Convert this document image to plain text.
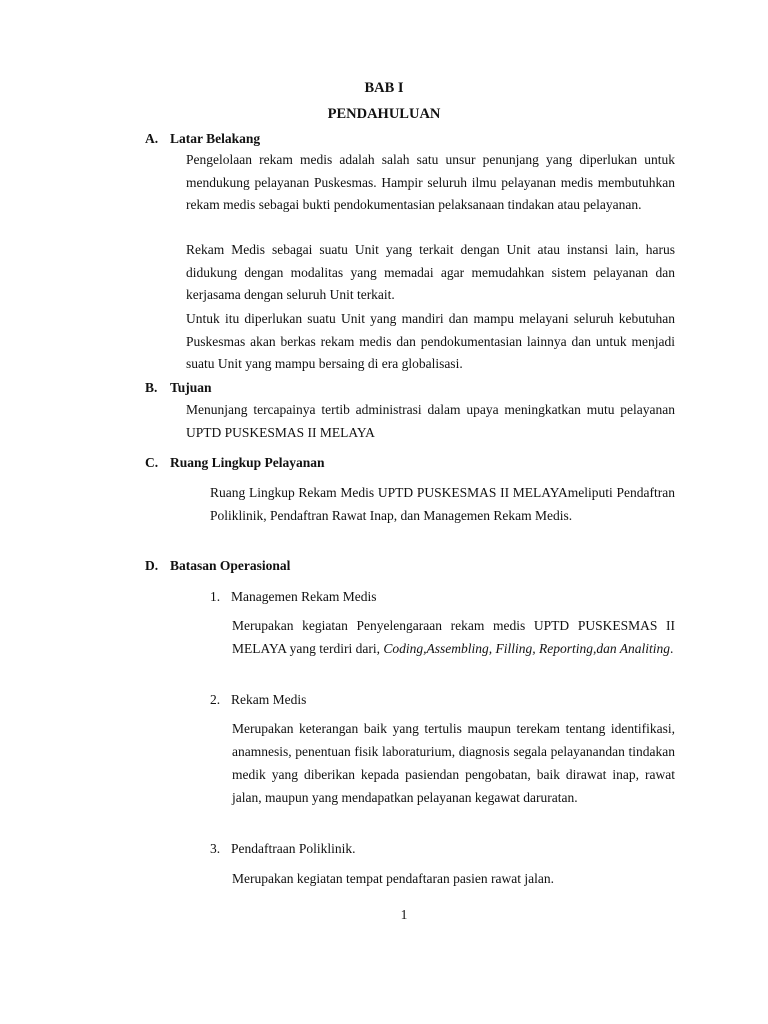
BAB I
PENDAHULUAN
A. Latar Belakang

Pengelolaan rekam medis adalah salah satu unsur penunjang yang diperlukan untuk mendukung pelayanan Puskesmas. Hampir seluruh ilmu pelayanan medis membutuhkan rekam medis sebagai bukti pendokumentasian pelaksanaan tindakan atau pelayanan.

Rekam Medis sebagai suatu Unit yang terkait dengan Unit atau instansi lain, harus didukung dengan modalitas yang memadai agar memudahkan sistem pelayanan dan kerjasama dengan seluruh Unit terkait.

Untuk itu diperlukan suatu Unit yang mandiri dan mampu melayani seluruh kebutuhan Puskesmas akan berkas rekam medis dan pendokumentasian lainnya dan untuk menjadi suatu Unit yang mampu bersaing di era globalisasi.

B. Tujuan

Menunjang tercapainya tertib administrasi dalam upaya meningkatkan mutu pelayanan UPTD PUSKESMAS II MELAYA

C. Ruang Lingkup Pelayanan

Ruang Lingkup Rekam Medis UPTD PUSKESMAS II MELAYAmeliputi Pendaftran Poliklinik, Pendaftran Rawat Inap, dan Managemen Rekam Medis.

D. Batasan Operasional
1. Managemen Rekam Medis

Merupakan kegiatan Penyelengaraan rekam medis UPTD PUSKESMAS II MELAYA yang terdiri dari, Coding,Assembling, Filling, Reporting,dan Analiting.

2. Rekam Medis

Merupakan keterangan baik yang tertulis maupun terekam tentang identifikasi, anamnesis, penentuan fisik laboraturium, diagnosis segala pelayanandan tindakan medik yang diberikan kepada pasiendan pengobatan, baik dirawat inap, rawat jalan, maupun yang mendapatkan pelayanan kegawat daruratan.

3. Pendaftraan Poliklinik.

Merupakan kegiatan tempat pendaftaran pasien rawat jalan.

1
